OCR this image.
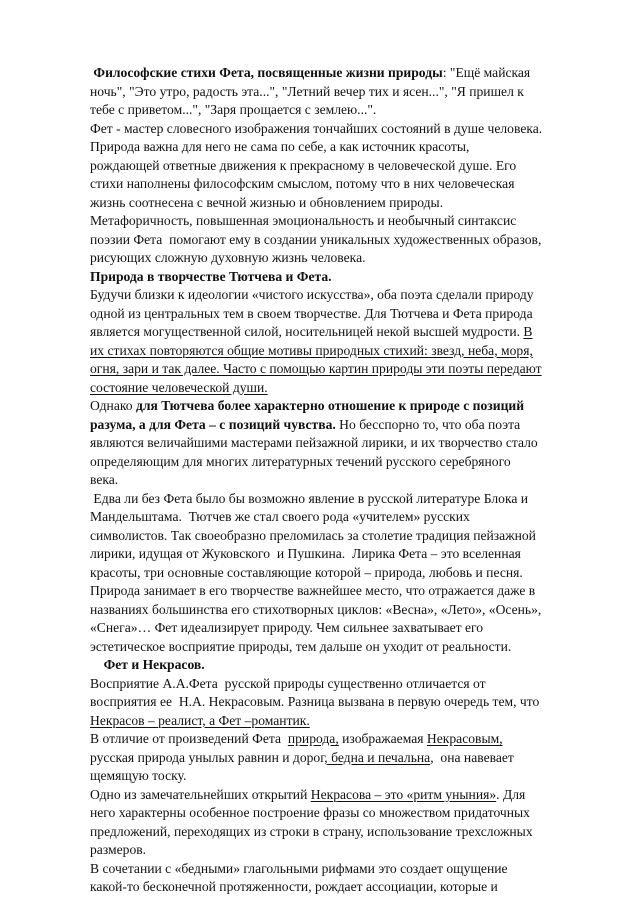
Философские стихи Фета, посвященные жизни природы: "Ещё майская
ночь", "Это утро, радость эта...", "Летний вечер тих и ясен...", "Я пришел к
тебе с приветом...", "Заря прощается с землею...".
Фет - мастер словесного изображения тончайших состояний в душе человека.
Природа важна для него не сама по себе, а как источник красоты,
рождающей ответные движения к прекрасному в человеческой душе. Его
стихи наполнены философским смыслом, потому что в них человеческая
жизнь соотнесена с вечной жизнью и обновлением природы.
Метафоричность, повышенная эмоциональность и необычный синтаксис
поэзии Фета  помогают ему в создании уникальных художественных образов,
рисующих сложную духовную жизнь человека.
Природа в творчестве Тютчева и Фета.
Будучи близки к идеологии «чистого искусства», оба поэта сделали природу
одной из центральных тем в своем творчестве. Для Тютчева и Фета природа
является могущественной силой, носительницей некой высшей мудрости. В
их стихах повторяются общие мотивы природных стихий: звезд, неба, моря,
огня, зари и так далее. Часто с помощью картин природы эти поэты передают
состояние человеческой души.
Однако для Тютчева более характерно отношение к природе с позиций
разума, а для Фета – с позиций чувства. Но бесспорно то, что оба поэта
являются величайшими мастерами пейзажной лирики, и их творчество стало
определяющим для многих литературных течений русского серебряного
века.
Едва ли без Фета было бы возможно явление в русской литературе Блока и
Мандельштама.  Тютчев же стал своего рода «учителем» русских
символистов. Так своеобразно преломилась за столетие традиция пейзажной
лирики, идущая от Жуковского  и Пушкина.  Лирика Фета – это вселенная
красоты, три основные составляющие которой – природа, любовь и песня.
Природа занимает в его творчестве важнейшее место, что отражается даже в
названиях большинства его стихотворных циклов: «Весна», «Лето», «Осень»,
«Снега»… Фет идеализирует природу. Чем сильнее захватывает его
эстетическое восприятие природы, тем дальше он уходит от реальности.
Фет и Некрасов.
Восприятие А.А.Фета  русской природы существенно отличается от
восприятия ее  Н.А. Некрасовым. Разница вызвана в первую очередь тем, что
Некрасов – реалист, а Фет –романтик.
В отличие от произведений Фета  природа, изображаемая Некрасовым,
русская природа унылых равнин и дорог, бедна и печальна,  она навевает
щемящую тоску.
Одно из замечательнейших открытий Некрасова – это «ритм уныния». Для
него характерны особенное построение фразы со множеством придаточных
предложений, переходящих из строки в страну, использование трехсложных
размеров.
В сочетании с «бедными» глагольными рифмами это создает ощущение
какой-то бесконечной протяженности, рождает ассоциации, которые и
